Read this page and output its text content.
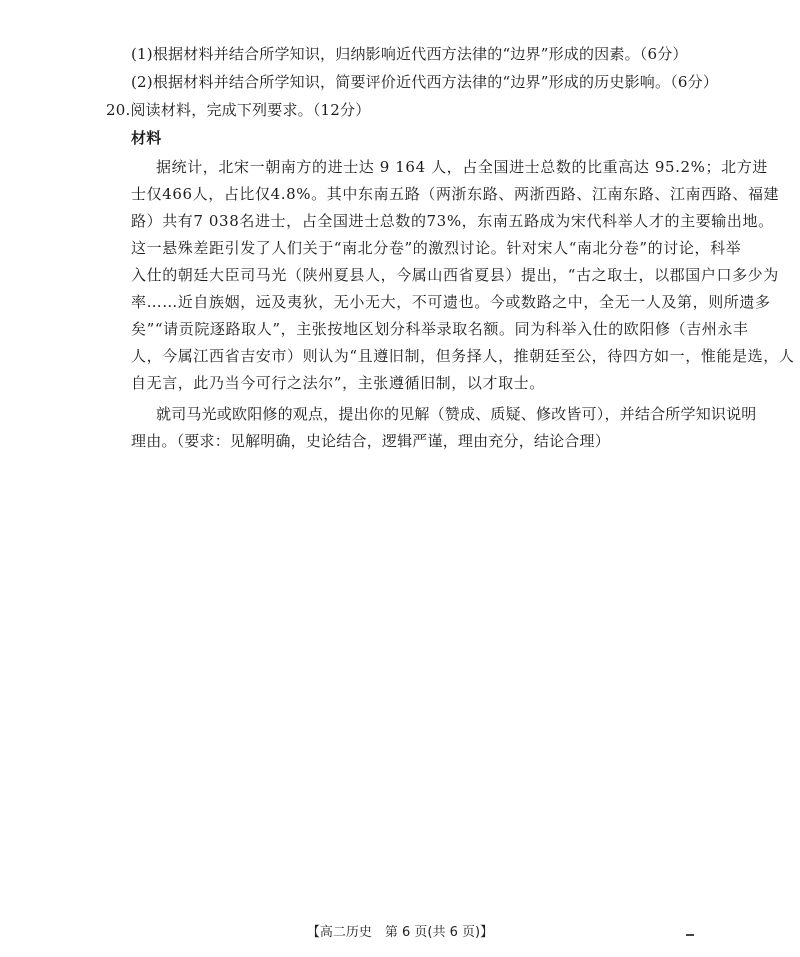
(1)根据材料并结合所学知识，归纳影响近代西方法律的“边界”形成的因素。（6分）
(2)根据材料并结合所学知识，简要评价近代西方法律的“边界”形成的历史影响。（6分）
20.阅读材料，完成下列要求。（12分）
材料
据统计，北宋一朝南方的进士达 9 164 人，占全国进士总数的比重高达 95.2%；北方进
士仅466人，占比仅4.8%。其中东南五路（两浙东路、两浙西路、江南东路、江南西路、福建
路）共有7 038名进士，占全国进士总数的73%，东南五路成为宋代科举人才的主要输出地。
这一悬殊差距引发了人们关于“南北分卷”的激烈讨论。针对宋人“南北分卷”的讨论，科举
入仕的朝廷大臣司马光（陕州夏县人，今属山西省夏县）提出，“古之取士，以郡国户口多少为
率……近自族姻，远及夷狄，无小无大，不可遗也。今或数路之中，全无一人及第，则所遗多
矣”“请贡院逐路取人”，主张按地区划分科举录取名额。同为科举入仕的欧阳修（吉州永丰
人，今属江西省吉安市）则认为“且遵旧制，但务择人，推朝廷至公，待四方如一，惟能是选，人
自无言，此乃当今可行之法尔”，主张遵循旧制，以才取士。
就司马光或欧阳修的观点，提出你的见解（赞成、质疑、修改皆可），并结合所学知识说明
理由。（要求：见解明确，史论结合，逻辑严谨，理由充分，结论合理）
【高二历史　第 6 页(共 6 页)】
